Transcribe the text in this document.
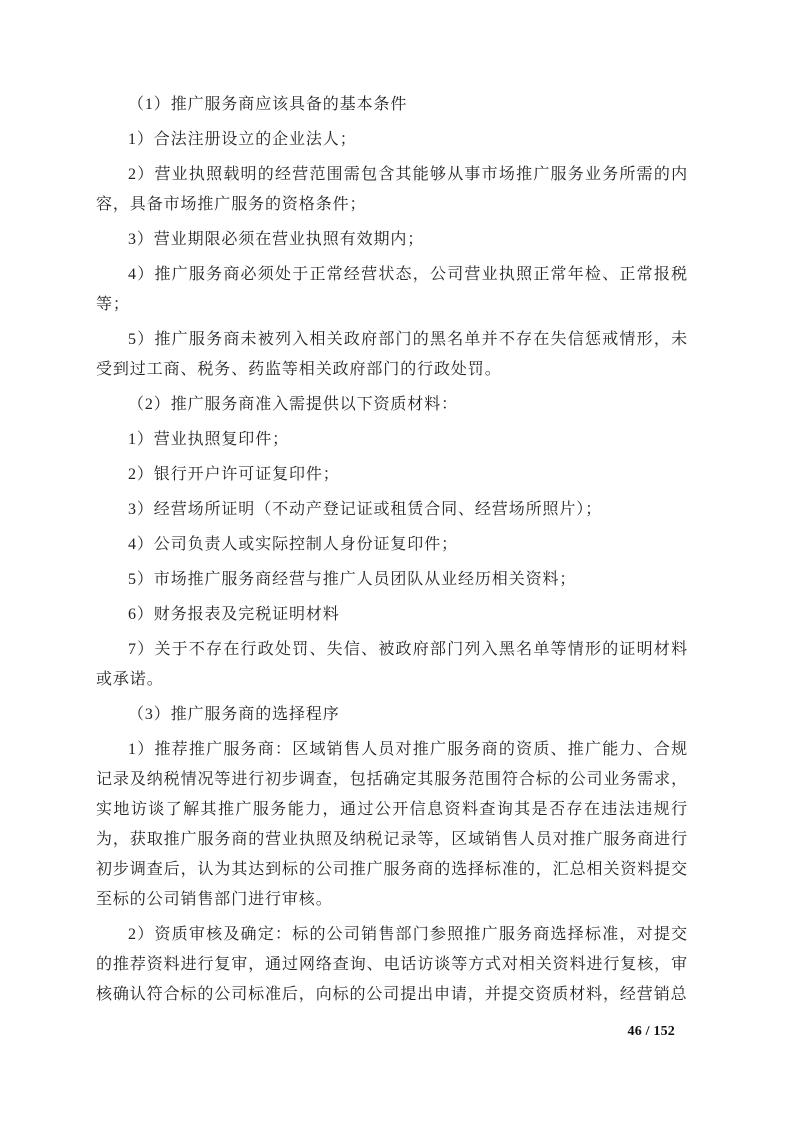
（1）推广服务商应该具备的基本条件

1）合法注册设立的企业法人；

2）营业执照载明的经营范围需包含其能够从事市场推广服务业务所需的内容，具备市场推广服务的资格条件；

3）营业期限必须在营业执照有效期内；

4）推广服务商必须处于正常经营状态，公司营业执照正常年检、正常报税等；

5）推广服务商未被列入相关政府部门的黑名单并不存在失信惩戒情形，未受到过工商、税务、药监等相关政府部门的行政处罚。

（2）推广服务商准入需提供以下资质材料：

1）营业执照复印件；

2）银行开户许可证复印件；

3）经营场所证明（不动产登记证或租赁合同、经营场所照片）；

4）公司负责人或实际控制人身份证复印件；

5）市场推广服务商经营与推广人员团队从业经历相关资料；

6）财务报表及完税证明材料

7）关于不存在行政处罚、失信、被政府部门列入黑名单等情形的证明材料或承诺。

（3）推广服务商的选择程序

1）推荐推广服务商：区域销售人员对推广服务商的资质、推广能力、合规记录及纳税情况等进行初步调查，包括确定其服务范围符合标的公司业务需求，实地访谈了解其推广服务能力，通过公开信息资料查询其是否存在违法违规行为，获取推广服务商的营业执照及纳税记录等，区域销售人员对推广服务商进行初步调查后，认为其达到标的公司推广服务商的选择标准的，汇总相关资料提交至标的公司销售部门进行审核。

2）资质审核及确定：标的公司销售部门参照推广服务商选择标准，对提交的推荐资料进行复审，通过网络查询、电话访谈等方式对相关资料进行复核，审核确认符合标的公司标准后，向标的公司提出申请，并提交资质材料，经营销总

46 / 152
